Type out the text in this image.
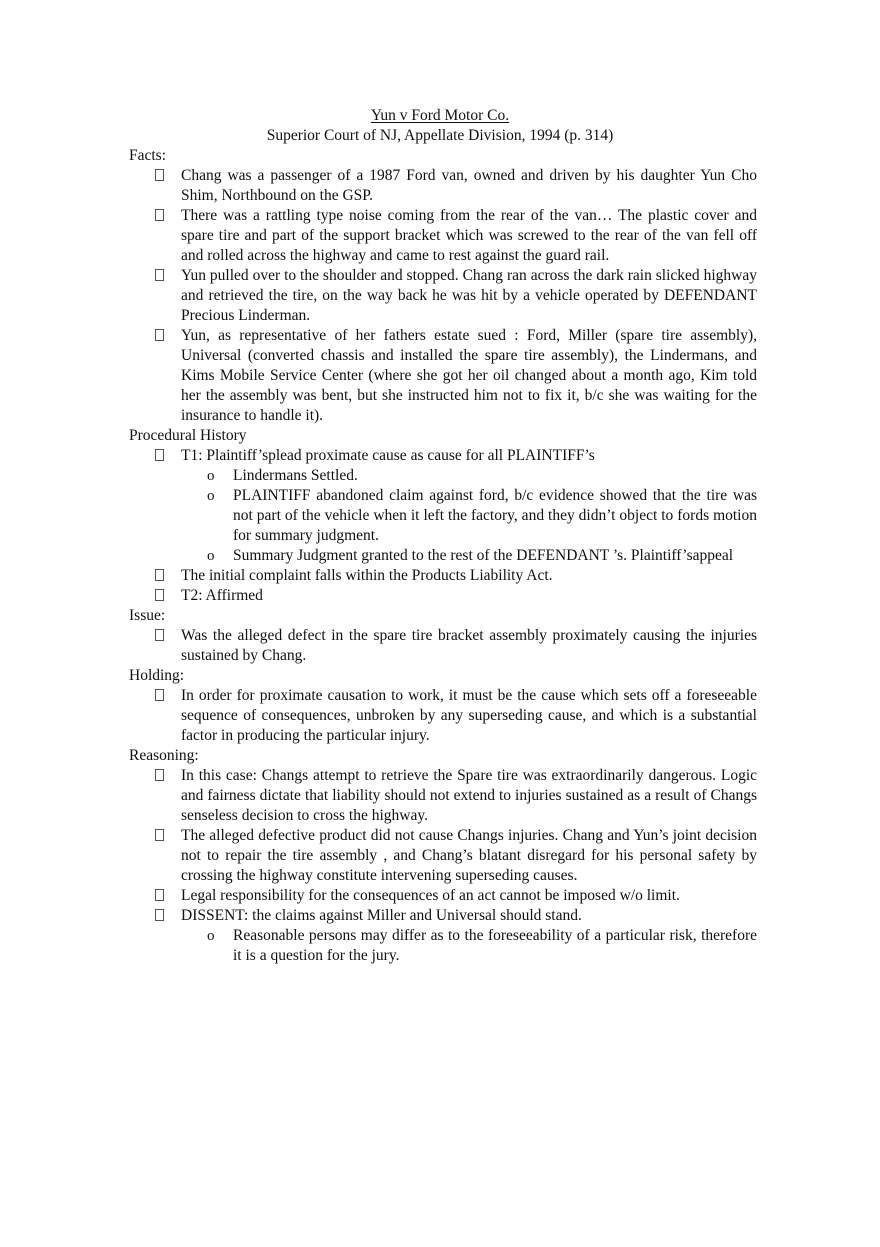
Yun v Ford Motor Co.
Superior Court of NJ, Appellate Division, 1994 (p. 314)
Facts:
Chang was a passenger of a 1987 Ford van, owned and driven by his daughter Yun Cho Shim, Northbound on the GSP.
There was a rattling type noise coming from the rear of the van… The plastic cover and spare tire and part of the support bracket which was screwed to the rear of the van fell off and rolled across the highway and came to rest against the guard rail.
Yun pulled over to the shoulder and stopped. Chang ran across the dark rain slicked highway and retrieved the tire, on the way back he was hit by a vehicle operated by DEFENDANT Precious Linderman.
Yun, as representative of her fathers estate sued : Ford, Miller (spare tire assembly), Universal (converted chassis and installed the spare tire assembly), the Lindermans, and Kims Mobile Service Center (where she got her oil changed about a month ago, Kim told her the assembly was bent, but she instructed him not to fix it, b/c she was waiting for the insurance to handle it).
Procedural History
T1: Plaintiff’splead proximate cause as cause for all PLAINTIFF’s
o Lindermans Settled.
o PLAINTIFF abandoned claim against ford, b/c evidence showed that the tire was not part of the vehicle when it left the factory, and they didn’t object to fords motion for summary judgment.
o Summary Judgment granted to the rest of the DEFENDANT ’s. Plaintiff’sappeal
The initial complaint falls within the Products Liability Act.
T2: Affirmed
Issue:
Was the alleged defect in the spare tire bracket assembly proximately causing the injuries sustained by Chang.
Holding:
In order for proximate causation to work, it must be the cause which sets off a foreseeable sequence of consequences, unbroken by any superseding cause, and which is a substantial factor in producing the particular injury.
Reasoning:
In this case: Changs attempt to retrieve the Spare tire was extraordinarily dangerous. Logic and fairness dictate that liability should not extend to injuries sustained as a result of Changs senseless decision to cross the highway.
The alleged defective product did not cause Changs injuries. Chang and Yun’s joint decision not to repair the tire assembly , and Chang’s blatant disregard for his personal safety by crossing the highway constitute intervening superseding causes.
Legal responsibility for the consequences of an act cannot be imposed w/o limit.
DISSENT: the claims against Miller and Universal should stand.
o Reasonable persons may differ as to the foreseeability of a particular risk, therefore it is a question for the jury.
